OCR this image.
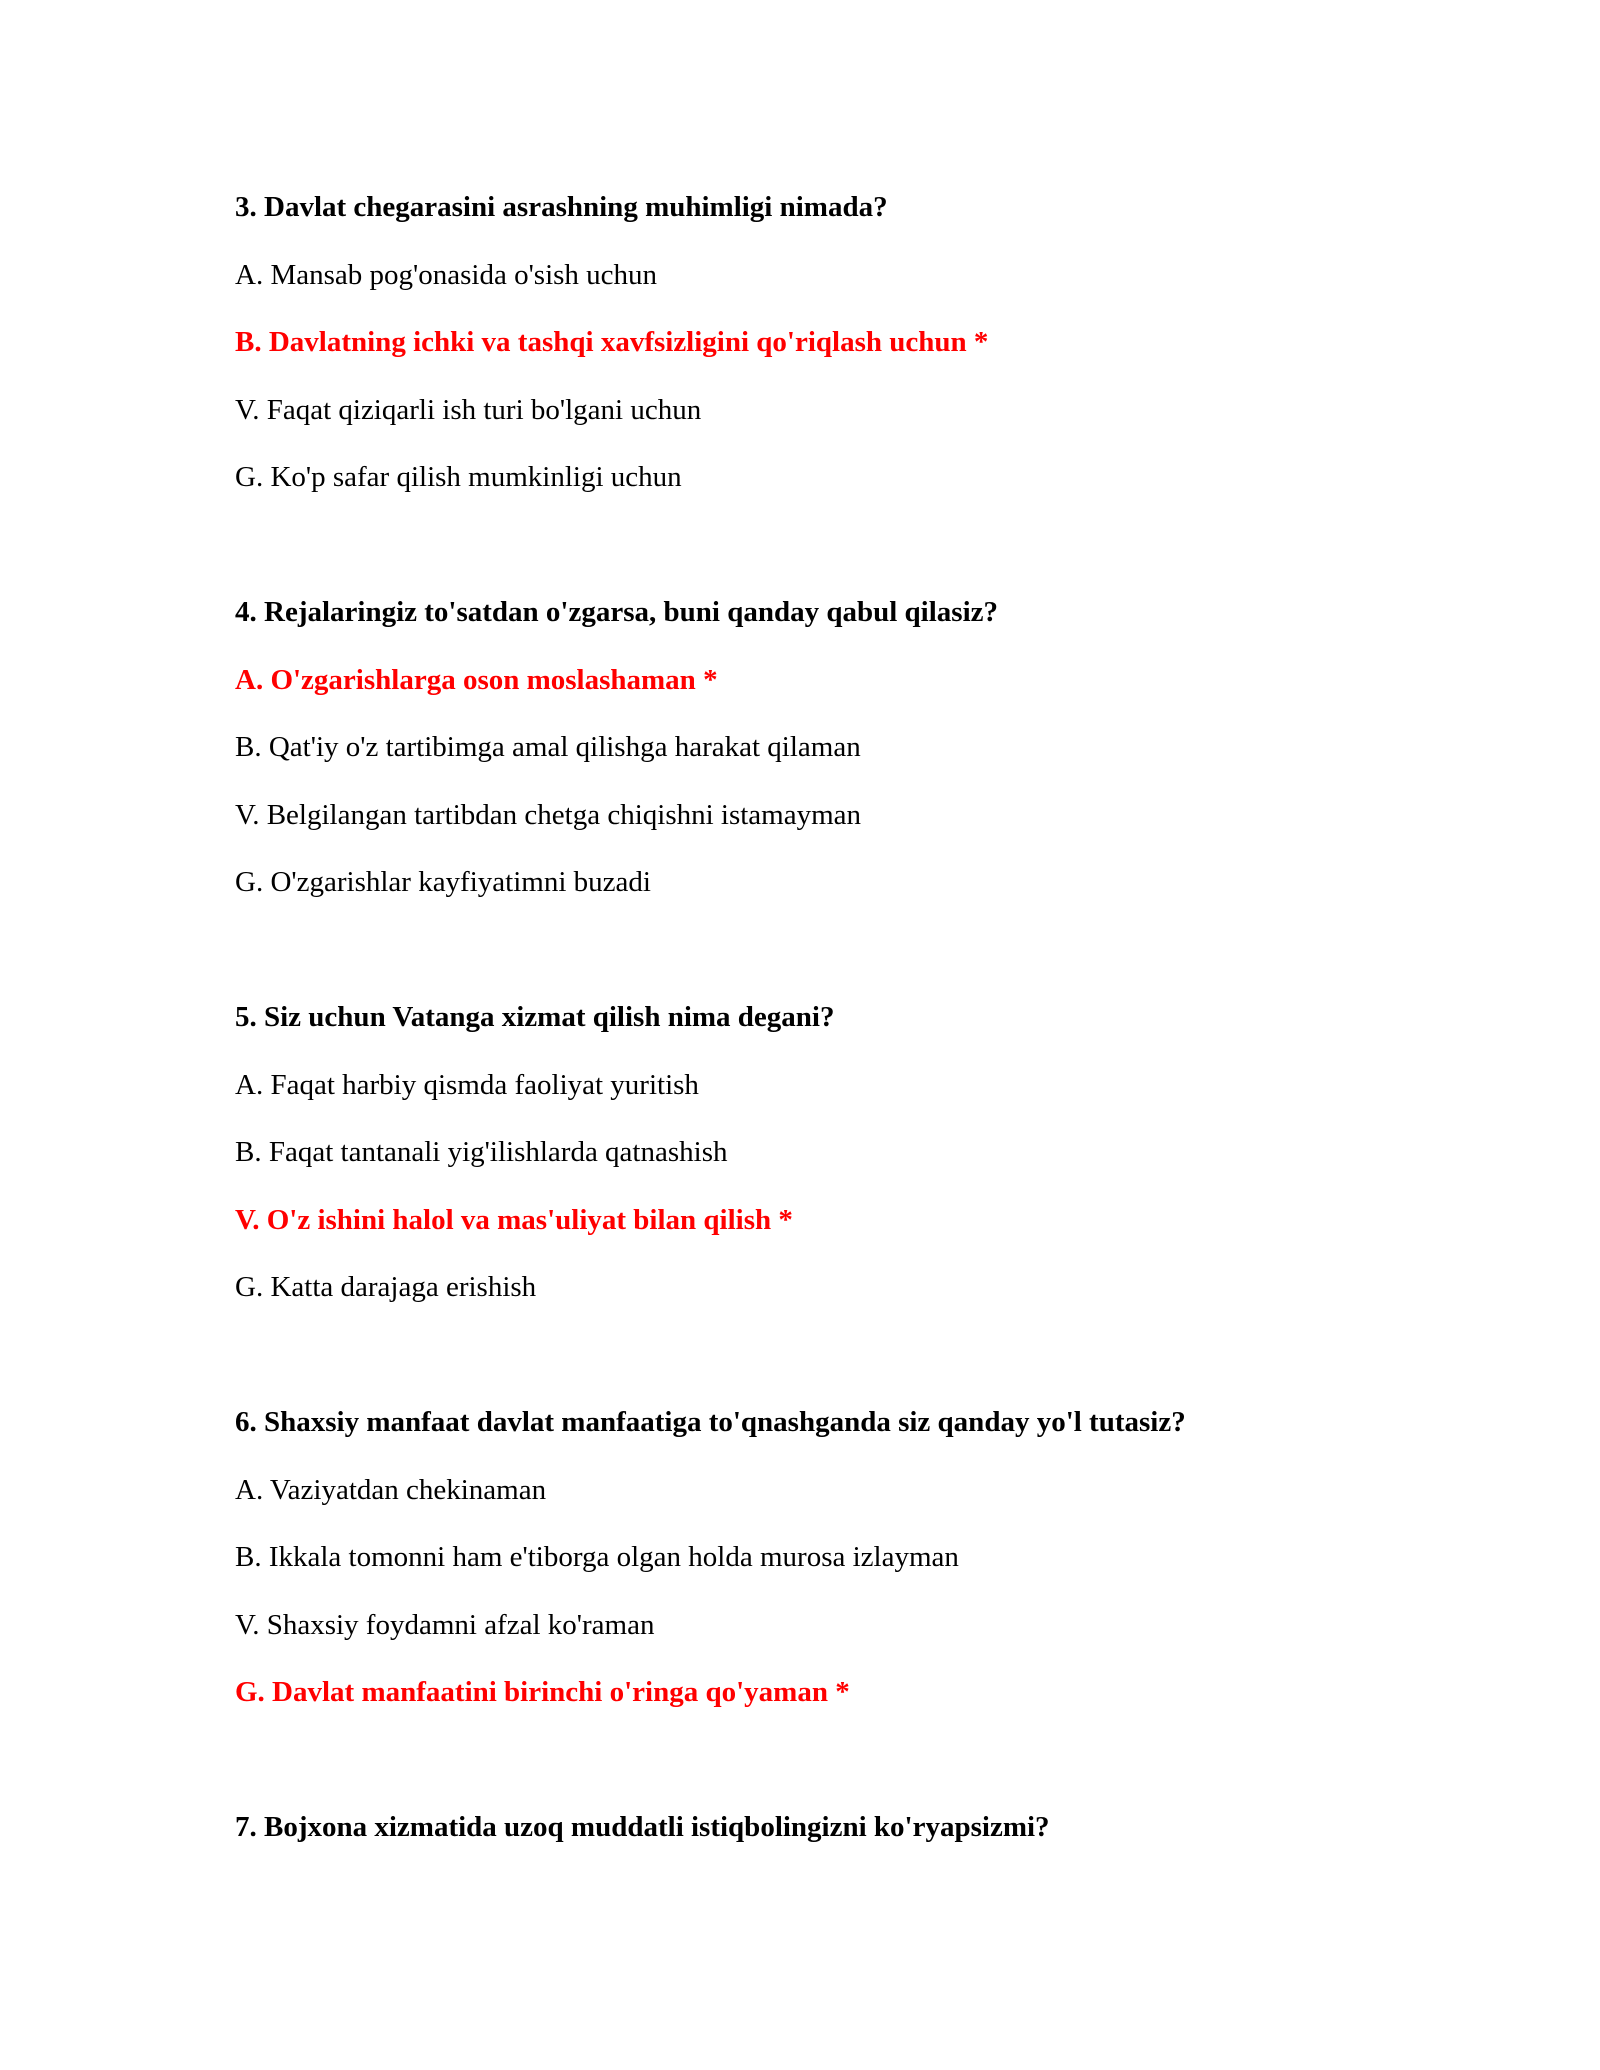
3. Davlat chegarasini asrashning muhimligi nimada?

A. Mansab pog'onasida o'sish uchun

B. Davlatning ichki va tashqi xavfsizligini qo'riqlash uchun *

V. Faqat qiziqarli ish turi bo'lgani uchun

G. Ko'p safar qilish mumkinligi uchun

4. Rejalaringiz to'satdan o'zgarsa, buni qanday qabul qilasiz?

A. O'zgarishlarga oson moslashaman *

B. Qat'iy o'z tartibimga amal qilishga harakat qilaman

V. Belgilangan tartibdan chetga chiqishni istamayman

G. O'zgarishlar kayfiyatimni buzadi

5. Siz uchun Vatanga xizmat qilish nima degani?

A. Faqat harbiy qismda faoliyat yuritish

B. Faqat tantanali yig'ilishlarda qatnashish

V. O'z ishini halol va mas'uliyat bilan qilish *

G. Katta darajaga erishish

6. Shaxsiy manfaat davlat manfaatiga to'qnashganda siz qanday yo'l tutasiz?

A. Vaziyatdan chekinaman

B. Ikkala tomonni ham e'tiborga olgan holda murosa izlayman

V. Shaxsiy foydamni afzal ko'raman

G. Davlat manfaatini birinchi o'ringa qo'yaman *

7. Bojxona xizmatida uzoq muddatli istiqbolingizni ko'ryapsizmi?
